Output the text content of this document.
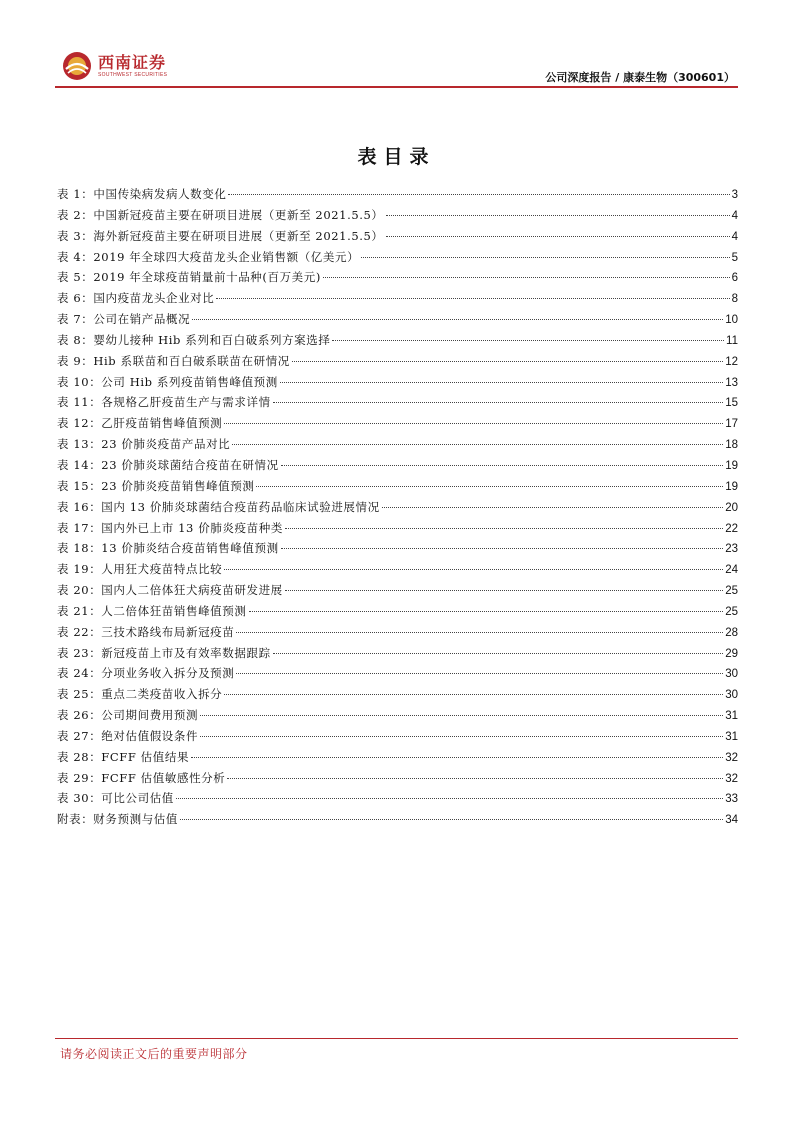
西南证券
SOUTHWEST SECURITIES	公司深度报告 / 康泰生物（300601）
表目录
表 1：中国传染病发病人数变化	3
表 2：中国新冠疫苗主要在研项目进展（更新至 2021.5.5）	4
表 3：海外新冠疫苗主要在研项目进展（更新至 2021.5.5）	4
表 4：2019 年全球四大疫苗龙头企业销售额（亿美元）	5
表 5：2019 年全球疫苗销量前十品种(百万美元)	6
表 6：国内疫苗龙头企业对比	8
表 7：公司在销产品概况	10
表 8：婴幼儿接种 Hib 系列和百白破系列方案选择	11
表 9：Hib 系联苗和百白破系联苗在研情况	12
表 10：公司 Hib 系列疫苗销售峰值预测	13
表 11：各规格乙肝疫苗生产与需求详情	15
表 12：乙肝疫苗销售峰值预测	17
表 13：23 价肺炎疫苗产品对比	18
表 14：23 价肺炎球菌结合疫苗在研情况	19
表 15：23 价肺炎疫苗销售峰值预测	19
表 16：国内 13 价肺炎球菌结合疫苗药品临床试验进展情况	20
表 17：国内外已上市 13 价肺炎疫苗种类	22
表 18：13 价肺炎结合疫苗销售峰值预测	23
表 19：人用狂犬疫苗特点比较	24
表 20：国内人二倍体狂犬病疫苗研发进展	25
表 21：人二倍体狂苗销售峰值预测	25
表 22：三技术路线布局新冠疫苗	28
表 23：新冠疫苗上市及有效率数据跟踪	29
表 24：分项业务收入拆分及预测	30
表 25：重点二类疫苗收入拆分	30
表 26：公司期间费用预测	31
表 27：绝对估值假设条件	31
表 28：FCFF 估值结果	32
表 29：FCFF 估值敏感性分析	32
表 30：可比公司估值	33
附表：财务预测与估值	34
请务必阅读正文后的重要声明部分
